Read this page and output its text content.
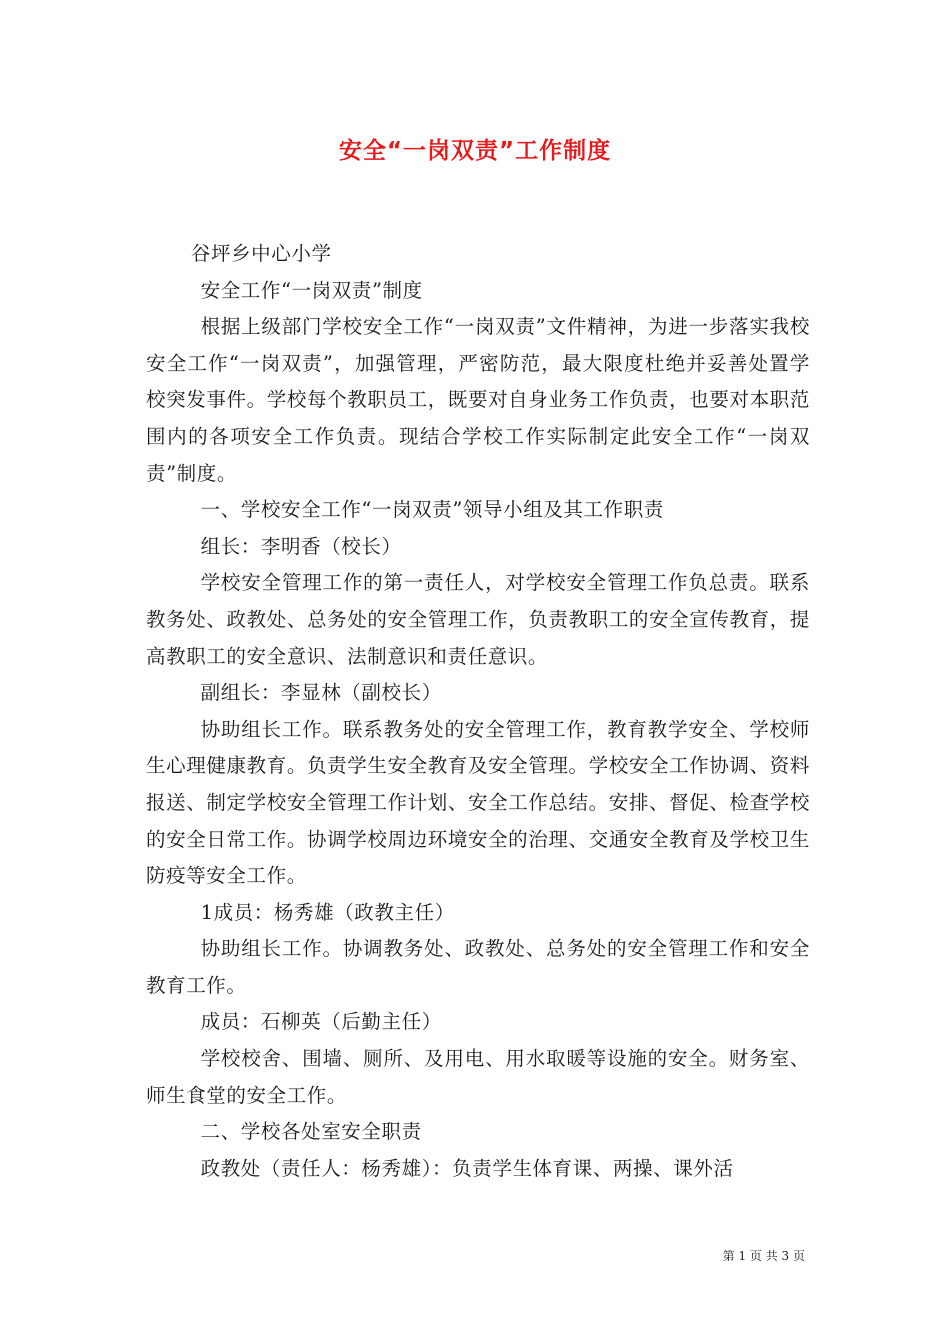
安全“一岗双责”工作制度

谷坪乡中心小学

安全工作“一岗双责”制度

根据上级部门学校安全工作“一岗双责”文件精神，为进一步落实我校安全工作“一岗双责”，加强管理，严密防范，最大限度杜绝并妥善处置学校突发事件。学校每个教职员工，既要对自身业务工作负责，也要对本职范围内的各项安全工作负责。现结合学校工作实际制定此安全工作“一岗双责”制度。

一、学校安全工作“一岗双责”领导小组及其工作职责

组长：李明香（校长）

学校安全管理工作的第一责任人，对学校安全管理工作负总责。联系教务处、政教处、总务处的安全管理工作，负责教职工的安全宣传教育，提高教职工的安全意识、法制意识和责任意识。

副组长：李显林（副校长）

协助组长工作。联系教务处的安全管理工作，教育教学安全、学校师生心理健康教育。负责学生安全教育及安全管理。学校安全工作协调、资料报送、制定学校安全管理工作计划、安全工作总结。安排、督促、检查学校的安全日常工作。协调学校周边环境安全的治理、交通安全教育及学校卫生防疫等安全工作。

1成员：杨秀雄（政教主任）

协助组长工作。协调教务处、政教处、总务处的安全管理工作和安全教育工作。

成员：石柳英（后勤主任）

学校校舍、围墙、厕所、及用电、用水取暖等设施的安全。财务室、师生食堂的安全工作。

二、学校各处室安全职责

政教处（责任人：杨秀雄）：负责学生体育课、两操、课外活

第 1 页 共 3 页
